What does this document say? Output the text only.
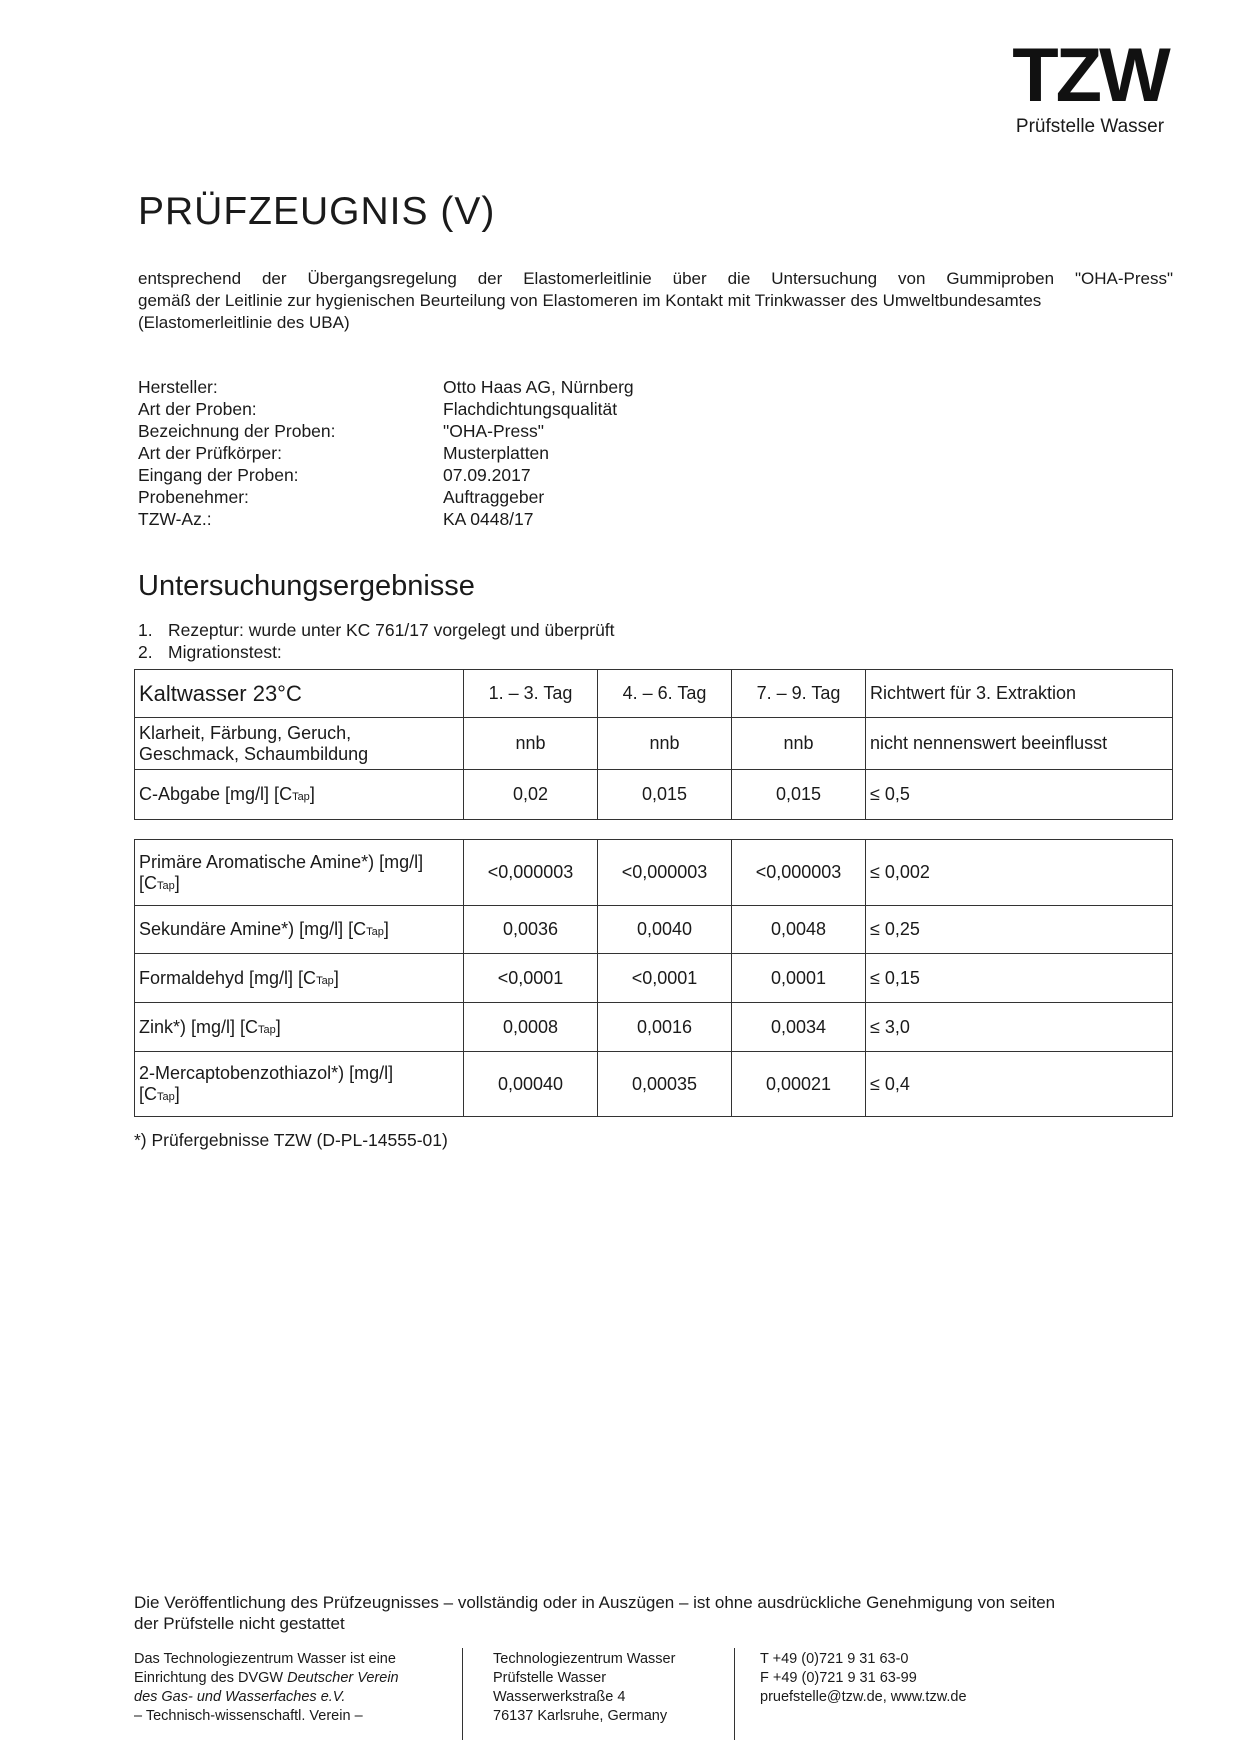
TZW
Prüfstelle Wasser
PRÜFZEUGNIS (V)
entsprechend der Übergangsregelung der Elastomerleitlinie über die Untersuchung von Gummiproben "OHA-Press"
gemäß der Leitlinie zur hygienischen Beurteilung von Elastomeren im Kontakt mit Trinkwasser des Umweltbundesamtes
(Elastomerleitlinie des UBA)
Hersteller:	Otto Haas AG, Nürnberg
Art der Proben:	Flachdichtungsqualität
Bezeichnung der Proben:	"OHA-Press"
Art der Prüfkörper:	Musterplatten
Eingang der Proben:	07.09.2017
Probenehmer:	Auftraggeber
TZW-Az.:	KA 0448/17
Untersuchungsergebnisse
1. Rezeptur: wurde unter KC 761/17 vorgelegt und überprüft
2. Migrationstest:
Kaltwasser 23°C	1. – 3. Tag	4. – 6. Tag	7. – 9. Tag	Richtwert für 3. Extraktion

Klarheit, Färbung, Geruch,
Geschmack, Schaumbildung	nnb	nnb	nnb	nicht nennenswert beeinflusst
C-Abgabe [mg/l] [CTap]	0,02	0,015	0,015	≤ 0,5
Primäre Aromatische Amine*) [mg/l]
[CTap]	<0,000003	<0,000003	<0,000003	≤ 0,002
Sekundäre Amine*) [mg/l] [CTap]	0,0036	0,0040	0,0048	≤ 0,25
Formaldehyd [mg/l] [CTap]	<0,0001	<0,0001	0,0001	≤ 0,15
Zink*) [mg/l] [CTap]	0,0008	0,0016	0,0034	≤ 3,0

2-Mercaptobenzothiazol*) [mg/l]
[CTap]	0,00040	0,00035	0,00021	≤ 0,4
*) Prüfergebnisse TZW (D-PL-14555-01)
Die Veröffentlichung des Prüfzeugnisses – vollständig oder in Auszügen – ist ohne ausdrückliche Genehmigung von seiten
der Prüfstelle nicht gestattet
Das Technologiezentrum Wasser ist eine
Einrichtung des DVGW Deutscher Verein
des Gas- und Wasserfaches e.V.
– Technisch-wissenschaftl. Verein –
Technologiezentrum Wasser
Prüfstelle Wasser
Wasserwerkstraße 4
76137 Karlsruhe, Germany
T +49 (0)721 9 31 63-0
F +49 (0)721 9 31 63-99
pruefstelle@tzw.de, www.tzw.de
